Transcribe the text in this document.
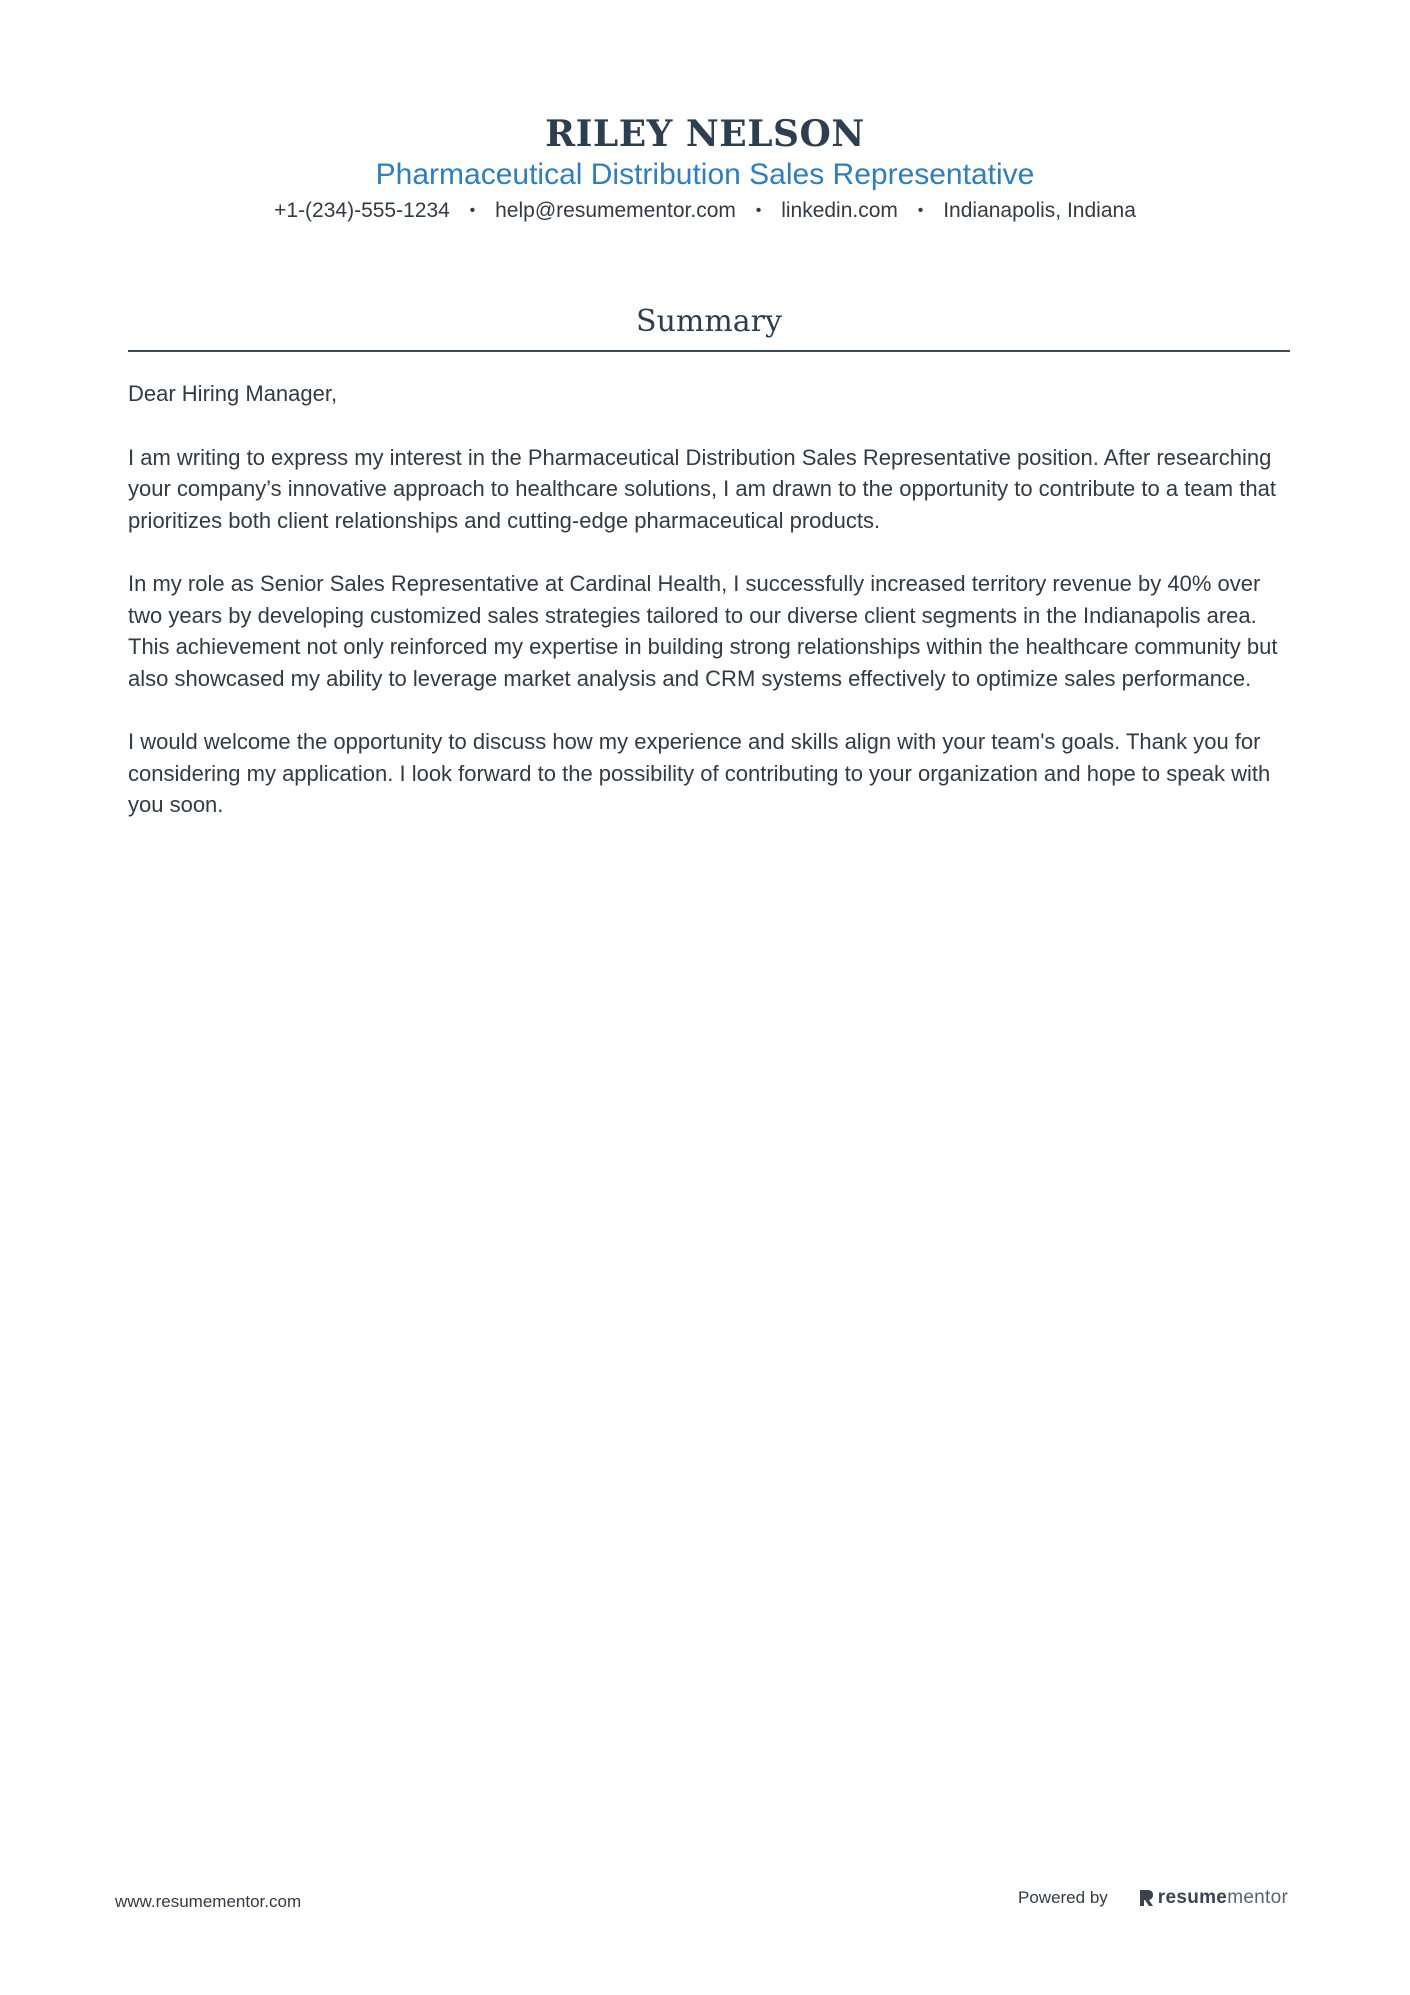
RILEY NELSON
Pharmaceutical Distribution Sales Representative
+1-(234)-555-1234 • help@resumementor.com • linkedin.com • Indianapolis, Indiana
Summary

Dear Hiring Manager,

I am writing to express my interest in the Pharmaceutical Distribution Sales Representative position. After researching your company’s innovative approach to healthcare solutions, I am drawn to the opportunity to contribute to a team that prioritizes both client relationships and cutting-edge pharmaceutical products.

In my role as Senior Sales Representative at Cardinal Health, I successfully increased territory revenue by 40% over two years by developing customized sales strategies tailored to our diverse client segments in the Indianapolis area. This achievement not only reinforced my expertise in building strong relationships within the healthcare community but also showcased my ability to leverage market analysis and CRM systems effectively to optimize sales performance.

I would welcome the opportunity to discuss how my experience and skills align with your team's goals. Thank you for considering my application. I look forward to the possibility of contributing to your organization and hope to speak with you soon.

www.resumementor.com	Powered by	resumementor
